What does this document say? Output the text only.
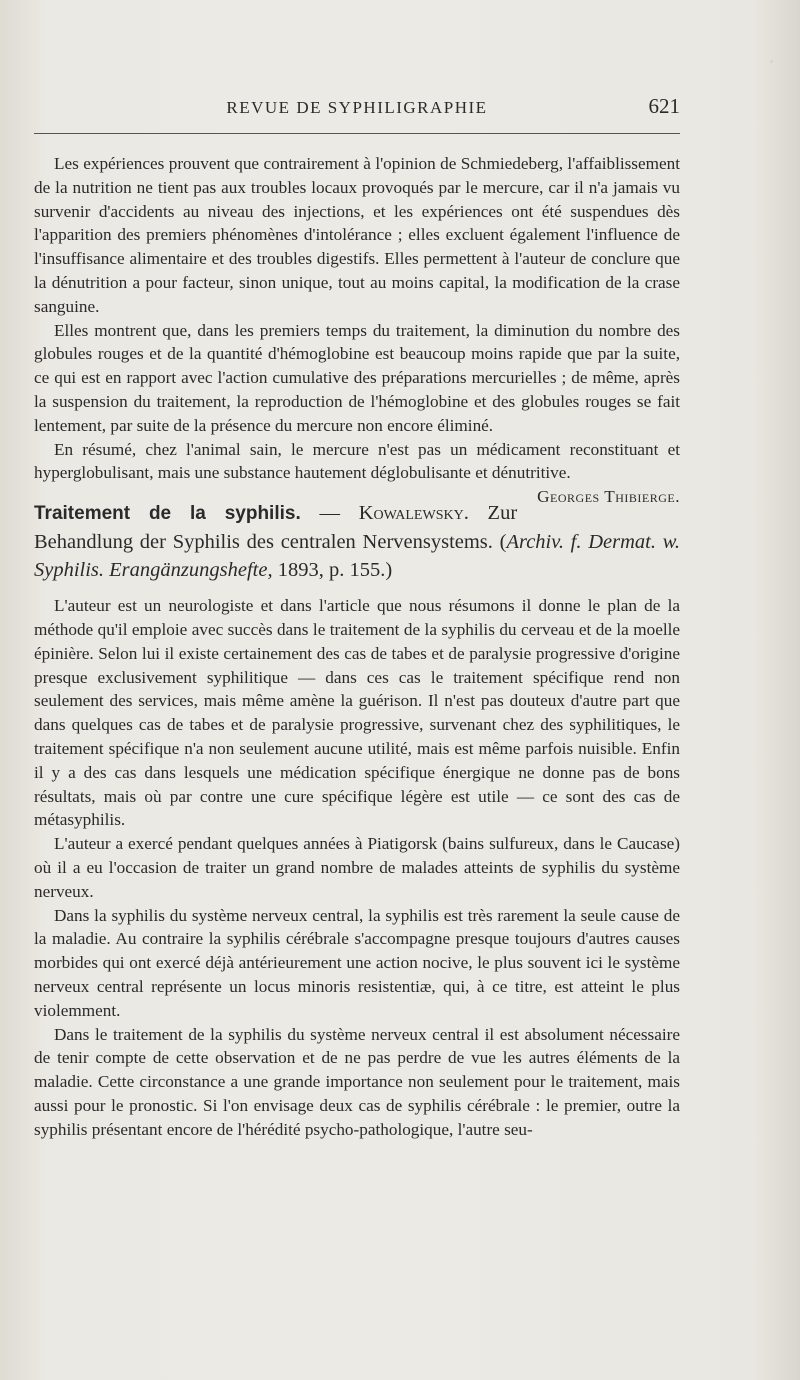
REVUE DE SYPHILIGRAPHIE	621

Les expériences prouvent que contrairement à l'opinion de Schmiedeberg, l'affaiblissement de la nutrition ne tient pas aux troubles locaux provoqués par le mercure, car il n'a jamais vu survenir d'accidents au niveau des injections, et les expériences ont été suspendues dès l'apparition des premiers phénomènes d'intolérance ; elles excluent également l'influence de l'insuffisance alimentaire et des troubles digestifs. Elles permettent à l'auteur de conclure que la dénutrition a pour facteur, sinon unique, tout au moins capital, la modification de la crase sanguine.

Elles montrent que, dans les premiers temps du traitement, la diminution du nombre des globules rouges et de la quantité d'hémoglobine est beaucoup moins rapide que par la suite, ce qui est en rapport avec l'action cumulative des préparations mercurielles ; de même, après la suspension du traitement, la reproduction de l'hémoglobine et des globules rouges se fait lentement, par suite de la présence du mercure non encore éliminé.

En résumé, chez l'animal sain, le mercure n'est pas un médicament reconstituant et hyperglobulisant, mais une substance hautement déglobulisante et dénutritive.
Georges Thibierge.

Traitement de la syphilis. — Kowalewsky. Zur Behandlung der Syphilis des centralen Nervensystems. (Archiv. f. Dermat. w. Syphilis. Erangänzungshefte, 1893, p. 155.)

L'auteur est un neurologiste et dans l'article que nous résumons il donne le plan de la méthode qu'il emploie avec succès dans le traitement de la syphilis du cerveau et de la moelle épinière. Selon lui il existe certainement des cas de tabes et de paralysie progressive d'origine presque exclusivement syphilitique — dans ces cas le traitement spécifique rend non seulement des services, mais même amène la guérison. Il n'est pas douteux d'autre part que dans quelques cas de tabes et de paralysie progressive, survenant chez des syphilitiques, le traitement spécifique n'a non seulement aucune utilité, mais est même parfois nuisible. Enfin il y a des cas dans lesquels une médication spécifique énergique ne donne pas de bons résultats, mais où par contre une cure spécifique légère est utile — ce sont des cas de métasyphilis.

L'auteur a exercé pendant quelques années à Piatigorsk (bains sulfureux, dans le Caucase) où il a eu l'occasion de traiter un grand nombre de malades atteints de syphilis du système nerveux.

Dans la syphilis du système nerveux central, la syphilis est très rarement la seule cause de la maladie. Au contraire la syphilis cérébrale s'accompagne presque toujours d'autres causes morbides qui ont exercé déjà antérieurement une action nocive, le plus souvent ici le système nerveux central représente un locus minoris resistentiæ, qui, à ce titre, est atteint le plus violemment.

Dans le traitement de la syphilis du système nerveux central il est absolument nécessaire de tenir compte de cette observation et de ne pas perdre de vue les autres éléments de la maladie. Cette circonstance a une grande importance non seulement pour le traitement, mais aussi pour le pronostic. Si l'on envisage deux cas de syphilis cérébrale : le premier, outre la syphilis présentant encore de l'hérédité psycho-pathologique, l'autre seu-
